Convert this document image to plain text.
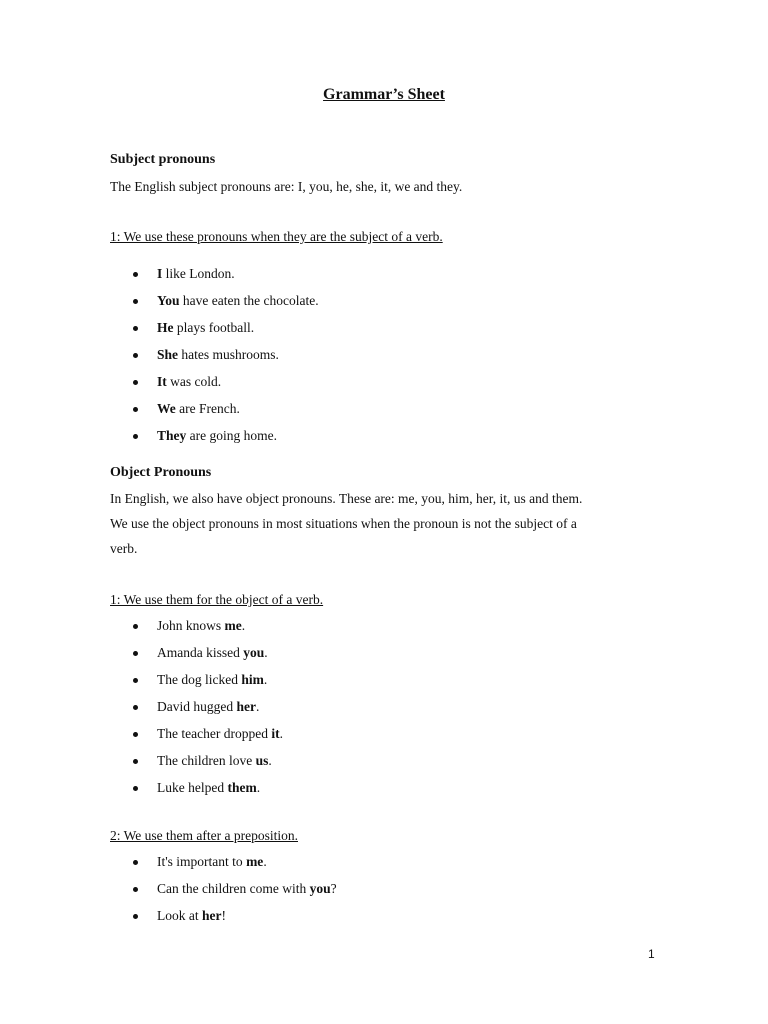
Grammar’s Sheet
Subject pronouns
The English subject pronouns are: I, you, he, she, it, we and they.
1: We use these pronouns when they are the subject of a verb.
I like London.
You have eaten the chocolate.
He plays football.
She hates mushrooms.
It was cold.
We are French.
They are going home.
Object Pronouns
In English, we also have object pronouns. These are: me, you, him, her, it, us and them.
We use the object pronouns in most situations when the pronoun is not the subject of a
verb.
1: We use them for the object of a verb.
John knows me.
Amanda kissed you.
The dog licked him.
David hugged her.
The teacher dropped it.
The children love us.
Luke helped them.
2: We use them after a preposition.
It's important to me.
Can the children come with you?
Look at her!
1
